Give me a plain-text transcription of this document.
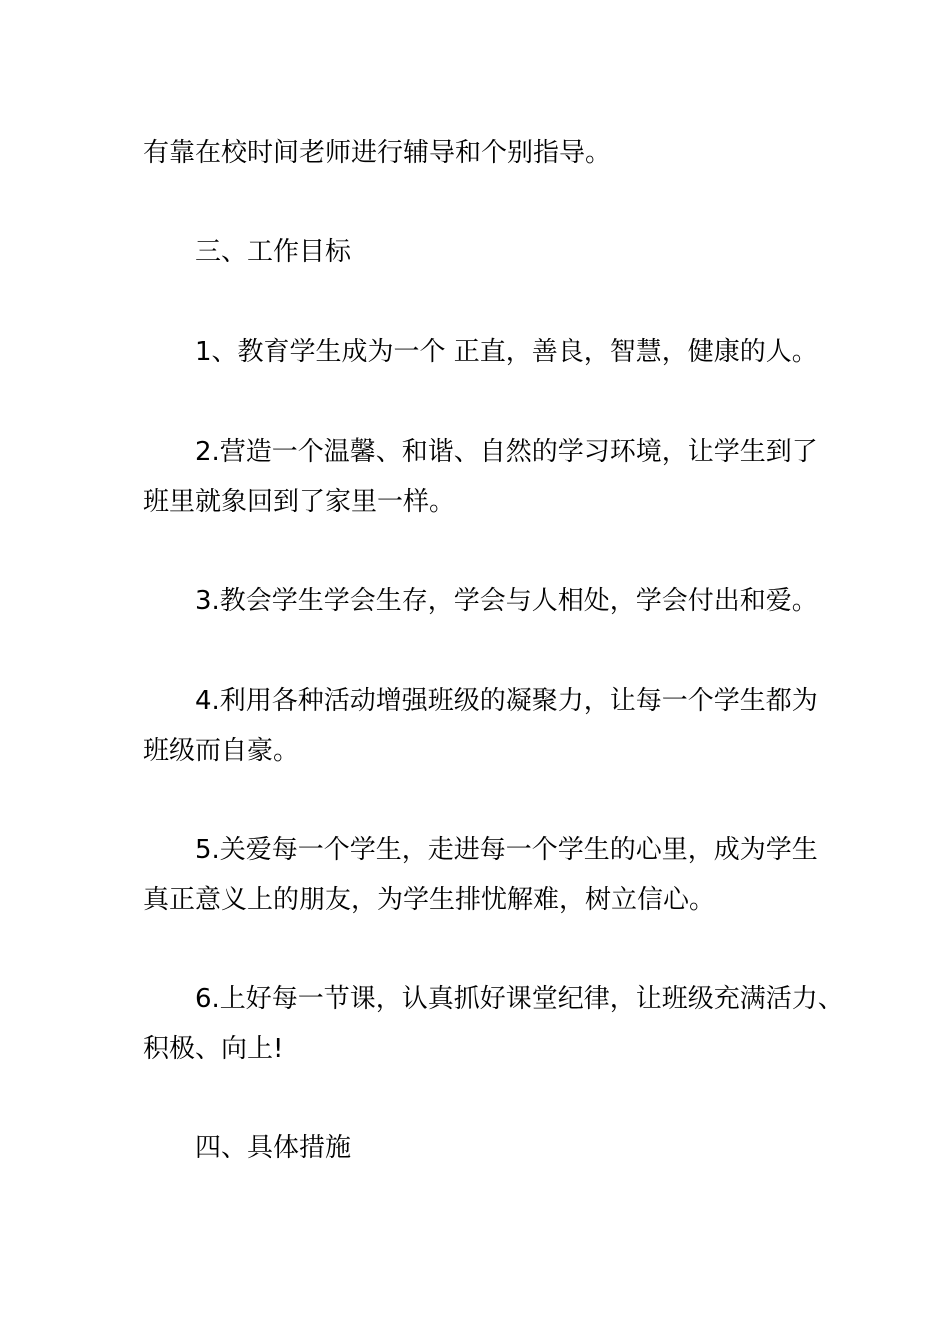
有靠在校时间老师进行辅导和个别指导。
三、工作目标
1、教育学生成为一个 正直，善良，智慧，健康的人。
2.营造一个温馨、和谐、自然的学习环境，让学生到了
班里就象回到了家里一样。
3.教会学生学会生存，学会与人相处，学会付出和爱。
4.利用各种活动增强班级的凝聚力，让每一个学生都为
班级而自豪。
5.关爱每一个学生，走进每一个学生的心里，成为学生
真正意义上的朋友，为学生排忧解难，树立信心。
6.上好每一节课，认真抓好课堂纪律，让班级充满活力、
积极、向上!
四、具体措施
